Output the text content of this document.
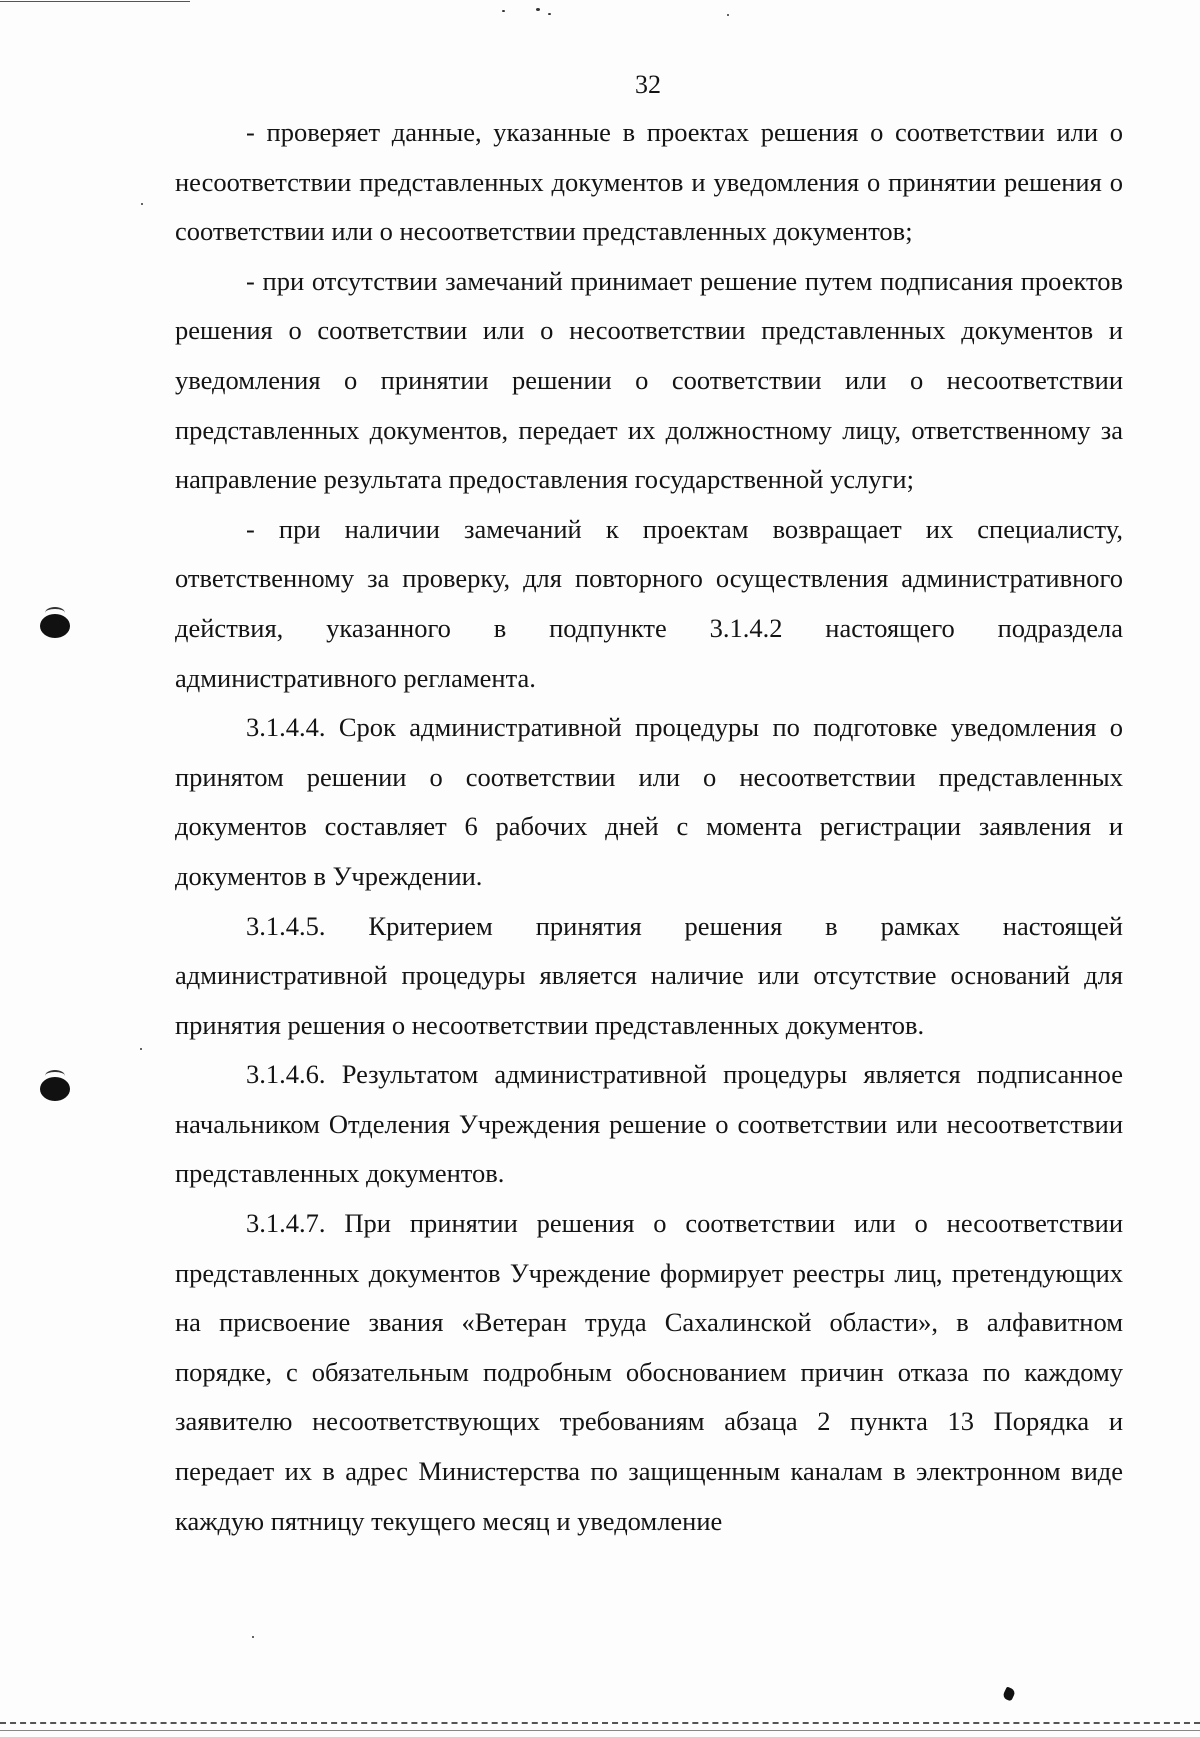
32

- проверяет данные, указанные в проектах решения о соответствии или о несоответствии представленных документов и уведомления о принятии решения о соответствии или о несоответствии представленных документов;

- при отсутствии замечаний принимает решение путем подписания проектов решения о соответствии или о несоответствии представленных документов и уведомления о принятии решении о соответствии или о несоответствии представленных документов, передает их должностному лицу, ответственному за направление результата предоставления государственной услуги;

- при наличии замечаний к проектам возвращает их специалисту, ответственному за проверку, для повторного осуществления административного действия, указанного в подпункте 3.1.4.2 настоящего подраздела административного регламента.

3.1.4.4. Срок административной процедуры по подготовке уведомления о принятом решении о соответствии или о несоответствии представленных документов составляет 6 рабочих дней с момента регистрации заявления и документов в Учреждении.

3.1.4.5. Критерием принятия решения в рамках настоящей административной процедуры является наличие или отсутствие оснований для принятия решения о несоответствии представленных документов.

3.1.4.6. Результатом административной процедуры является подписанное начальником Отделения Учреждения решение о соответствии или несоответствии представленных документов.

3.1.4.7. При принятии решения о соответствии или о несоответствии представленных документов Учреждение формирует реестры лиц, претендующих на присвоение звания «Ветеран труда Сахалинской области», в алфавитном порядке, с обязательным подробным обоснованием причин отказа по каждому заявителю несоответствующих требованиям абзаца 2 пункта 13 Порядка и передает их в адрес Министерства по защищенным каналам в электронном виде каждую пятницу текущего месяц и уведомление
